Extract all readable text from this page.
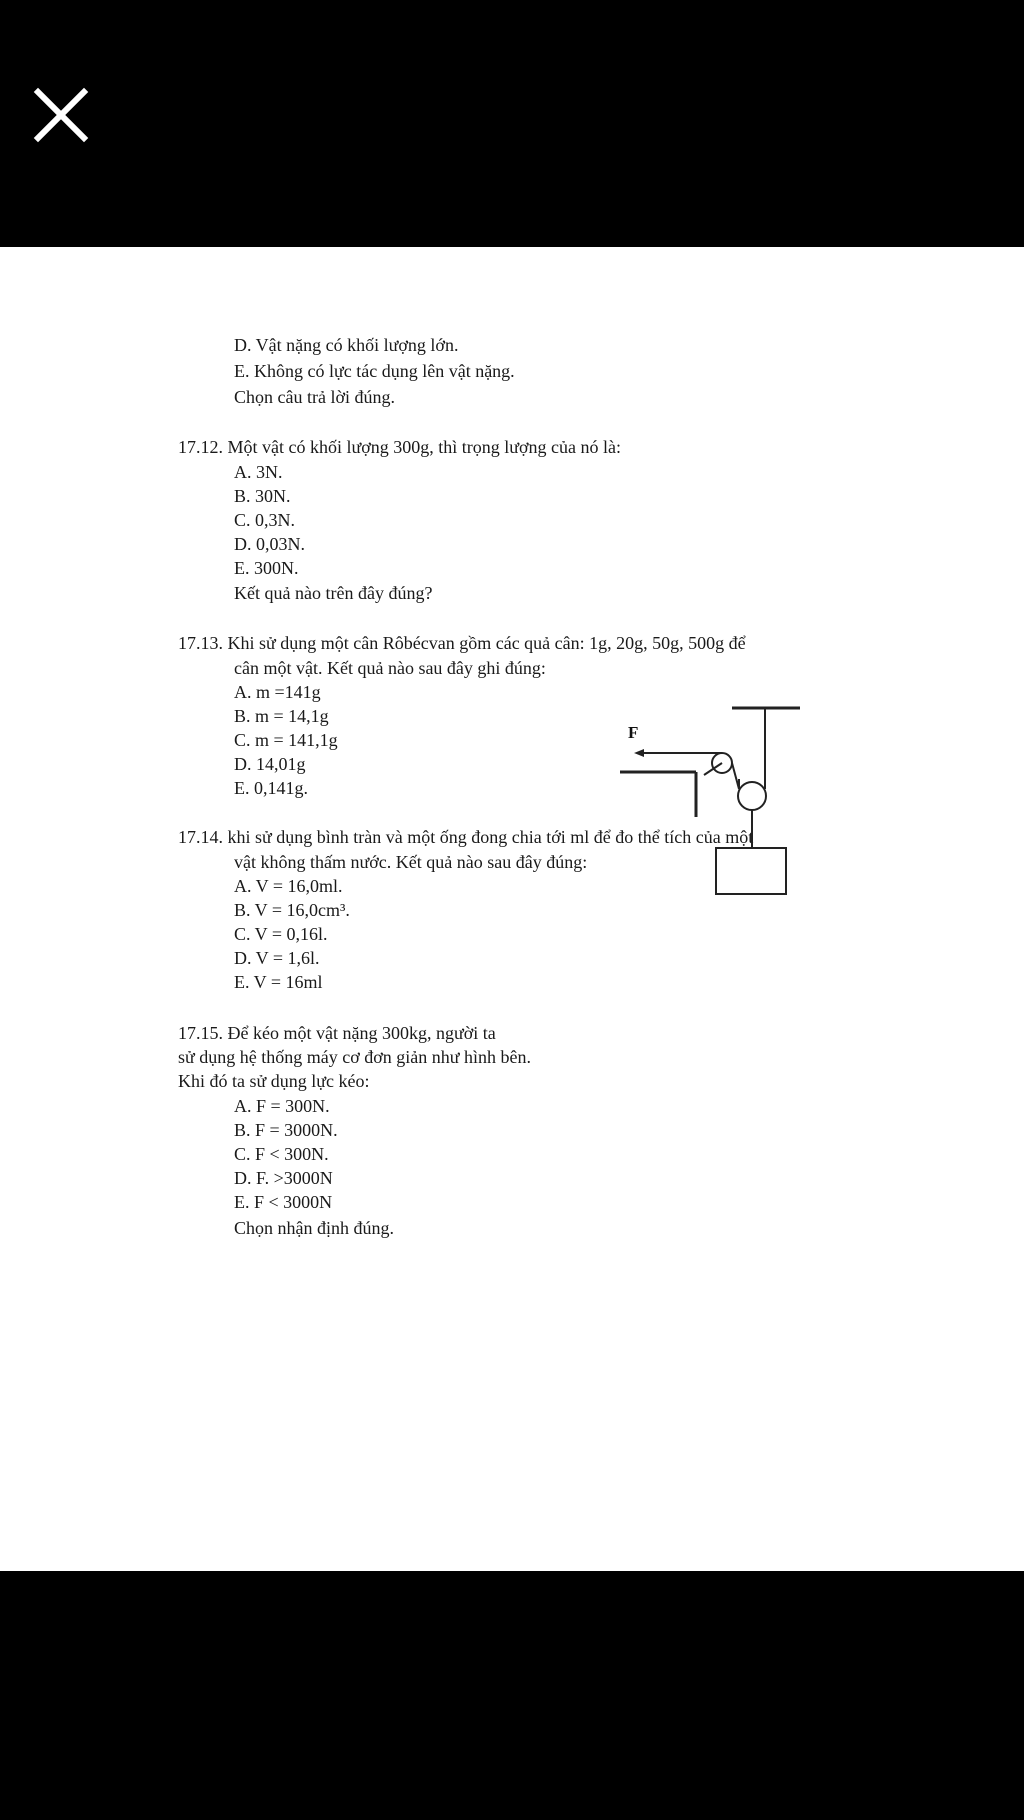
D. Vật nặng có khối lượng lớn.
E. Không có lực tác dụng lên vật nặng.
Chọn câu trả lời đúng.
17.12. Một vật có khối lượng 300g, thì trọng lượng của nó là:
A. 3N.
B. 30N.
C. 0,3N.
D. 0,03N.
E. 300N.
Kết quả nào trên đây đúng?
17.13. Khi sử dụng một cân Rôbécvan gồm các quả cân: 1g, 20g, 50g, 500g để
cân một vật. Kết quả nào sau đây ghi đúng:
A. m =141g
B. m = 14,1g
C. m = 141,1g
D. 14,01g
E. 0,141g.
17.14. khi sử dụng bình tràn và một ống đong chia tới ml để đo thể tích của một
vật không thấm nước. Kết quả nào sau đây đúng:
A. V = 16,0ml.
B. V = 16,0cm³.
C. V = 0,16l.
D. V = 1,6l.
E. V = 16ml
17.15. Để kéo một vật nặng 300kg, người ta
sử dụng hệ thống máy cơ đơn giản như hình bên.
Khi đó ta sử dụng lực kéo:
A. F = 300N.
B. F = 3000N.
C. F < 300N.
D. F. >3000N
E. F < 3000N
Chọn nhận định đúng.
F
